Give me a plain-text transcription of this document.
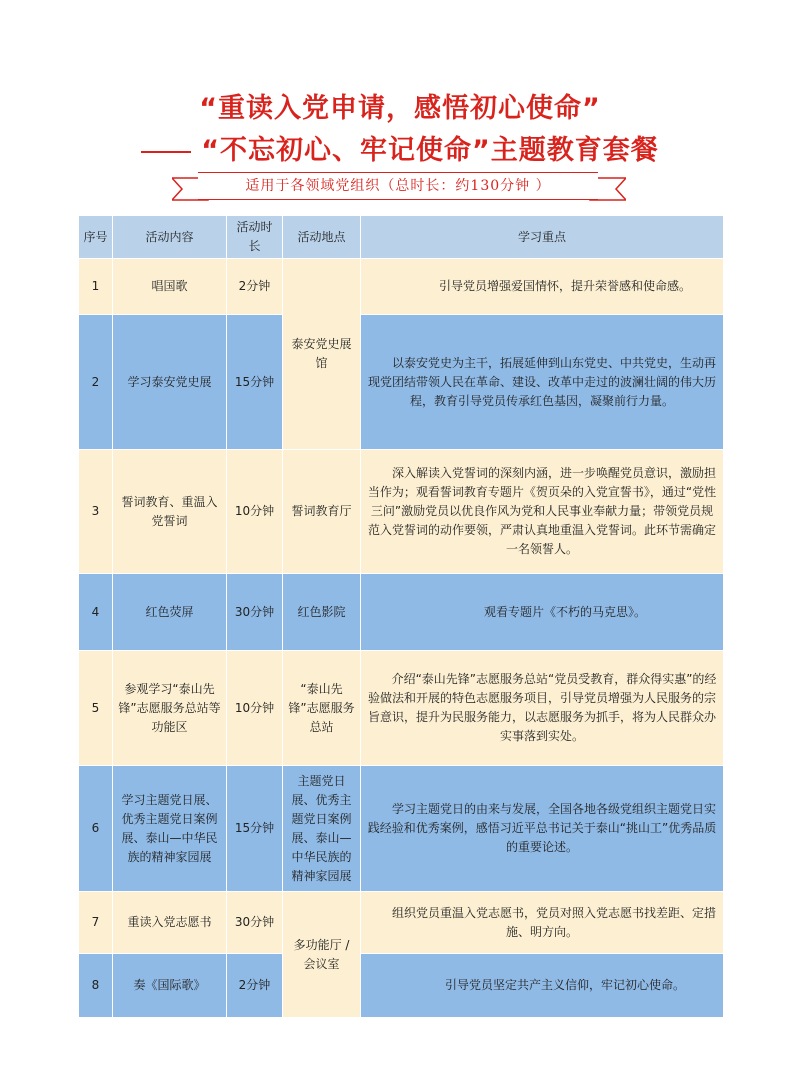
“重读入党申请，感悟初心使命”
“不忘初心、牢记使命”主题教育套餐
适用于各领域党组织（总时长：约130分钟 ）
序号	活动内容	活动时长	活动地点	学习重点
1	唱国歌	2分钟	泰安党史展馆	引导党员增强爱国情怀，提升荣誉感和使命感。
2	学习泰安党史展	15分钟		以泰安党史为主干，拓展延伸到山东党史、中共党史，生动再现党团结带领人民在革命、建设、改革中走过的波澜壮阔的伟大历程，教育引导党员传承红色基因，凝聚前行力量。
3	誓词教育、重温入党誓词	10分钟	誓词教育厅	深入解读入党誓词的深刻内涵，进一步唤醒党员意识，激励担当作为；观看誓词教育专题片《贺页朵的入党宣誓书》，通过“党性三问”激励党员以优良作风为党和人民事业奉献力量；带领党员规范入党誓词的动作要领，严肃认真地重温入党誓词。此环节需确定一名领誓人。
4	红色荧屏	30分钟	红色影院	观看专题片《不朽的马克思》。
5	参观学习“泰山先锋”志愿服务总站等功能区	10分钟	“泰山先锋”志愿服务总站	介绍“泰山先锋”志愿服务总站“党员受教育，群众得实惠”的经验做法和开展的特色志愿服务项目，引导党员增强为人民服务的宗旨意识，提升为民服务能力，以志愿服务为抓手，将为人民群众办实事落到实处。
6	学习主题党日展、优秀主题党日案例展、泰山—中华民族的精神家园展	15分钟	主题党日展、优秀主题党日案例展、泰山—中华民族的精神家园展	学习主题党日的由来与发展，全国各地各级党组织主题党日实践经验和优秀案例，感悟习近平总书记关于泰山“挑山工”优秀品质的重要论述。
7	重读入党志愿书	30分钟	多功能厅 / 会议室	组织党员重温入党志愿书，党员对照入党志愿书找差距、定措施、明方向。
8	奏《国际歌》	2分钟		引导党员坚定共产主义信仰，牢记初心使命。
